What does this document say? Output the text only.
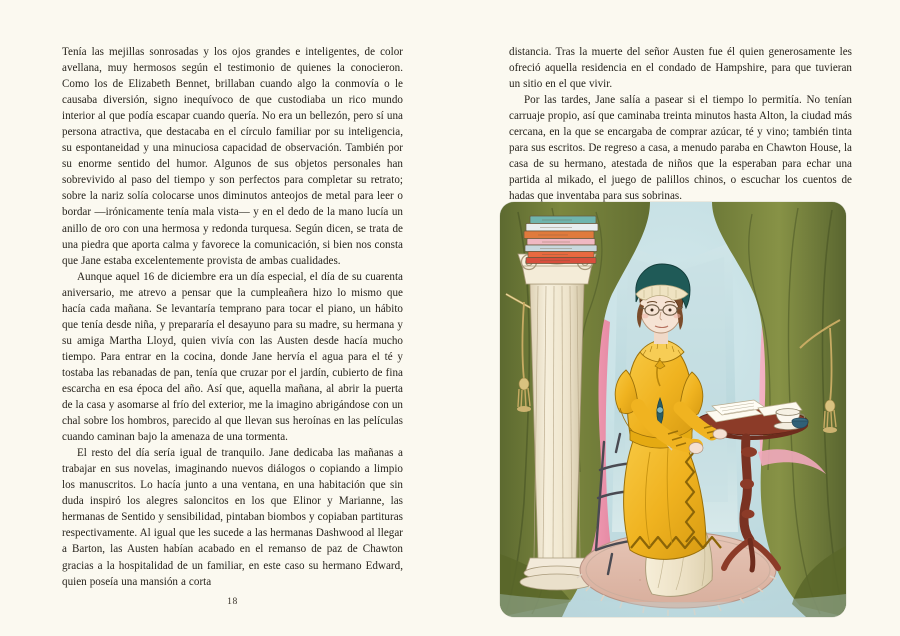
Tenía las mejillas sonrosadas y los ojos grandes e inteligentes, de color avellana, muy hermosos según el testimonio de quienes la conocieron. Como los de Elizabeth Bennet, brillaban cuando algo la conmovía o le causaba diversión, signo inequívoco de que custodiaba un rico mundo interior al que podía escapar cuando quería. No era un bellezón, pero sí una persona atractiva, que destacaba en el círculo familiar por su inteligencia, su espontaneidad y una minuciosa capacidad de observación. También por su enorme sentido del humor. Algunos de sus objetos personales han sobrevivido al paso del tiempo y son perfectos para completar su retrato; sobre la nariz solía colocarse unos diminutos anteojos de metal para leer o bordar —irónicamente tenía mala vista— y en el dedo de la mano lucía un anillo de oro con una hermosa y redonda turquesa. Según dicen, se trata de una piedra que aporta calma y favorece la comunicación, si bien nos consta que Jane estaba excelentemente provista de ambas cualidades.

Aunque aquel 16 de diciembre era un día especial, el día de su cuarenta aniversario, me atrevo a pensar que la cumpleañera hizo lo mismo que hacía cada mañana. Se levantaría temprano para tocar el piano, un hábito que tenía desde niña, y prepararía el desayuno para su madre, su hermana y su amiga Martha Lloyd, quien vivía con las Austen desde hacía mucho tiempo. Para entrar en la cocina, donde Jane hervía el agua para el té y tostaba las rebanadas de pan, tenía que cruzar por el jardín, cubierto de fina escarcha en esa época del año. Así que, aquella mañana, al abrir la puerta de la casa y asomarse al frío del exterior, me la imagino abrigándose con un chal sobre los hombros, parecido al que llevan sus heroínas en las películas cuando caminan bajo la amenaza de una tormenta.

El resto del día sería igual de tranquilo. Jane dedicaba las mañanas a trabajar en sus novelas, imaginando nuevos diálogos o copiando a limpio los manuscritos. Lo hacía junto a una ventana, en una habitación que sin duda inspiró los alegres saloncitos en los que Elinor y Marianne, las hermanas de Sentido y sensibilidad, pintaban biombos y copiaban partituras respectivamente. Al igual que les sucede a las hermanas Dashwood al llegar a Barton, las Austen habían acabado en el remanso de paz de Chawton gracias a la hospitalidad de un familiar, en este caso su hermano Edward, quien poseía una mansión a corta

18

distancia. Tras la muerte del señor Austen fue él quien generosamente les ofreció aquella residencia en el condado de Hampshire, para que tuvieran un sitio en el que vivir.

Por las tardes, Jane salía a pasear si el tiempo lo permitía. No tenían carruaje propio, así que caminaba treinta minutos hasta Alton, la ciudad más cercana, en la que se encargaba de comprar azúcar, té y vino; también tinta para sus escritos. De regreso a casa, a menudo paraba en Chawton House, la casa de su hermano, atestada de niños que la esperaban para echar una partida al mikado, el juego de palillos chinos, o escuchar los cuentos de hadas que inventaba para sus sobrinas.
